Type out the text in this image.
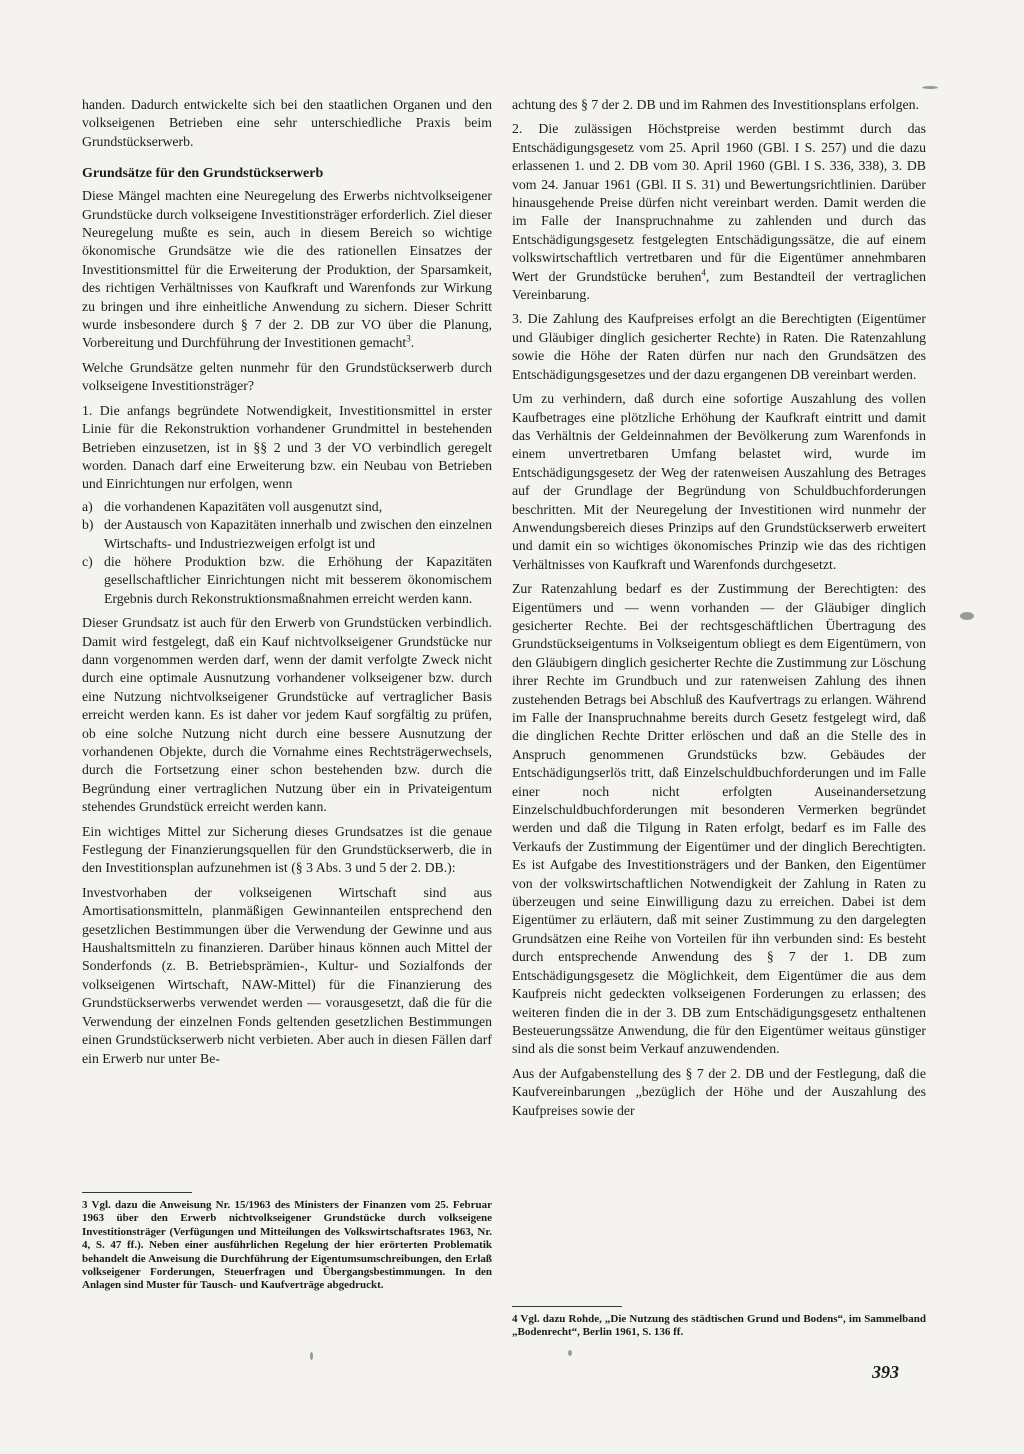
handen. Dadurch entwickelte sich bei den staatlichen Organen und den volkseigenen Betrieben eine sehr unterschiedliche Praxis beim Grundstückserwerb.

Grundsätze für den Grundstückserwerb

Diese Mängel machten eine Neuregelung des Erwerbs nichtvolkseigener Grundstücke durch volkseigene Investitionsträger erforderlich. Ziel dieser Neuregelung mußte es sein, auch in diesem Bereich so wichtige ökonomische Grundsätze wie die des rationellen Einsatzes der Investitionsmittel für die Erweiterung der Produktion, der Sparsamkeit, des richtigen Verhältnisses von Kaufkraft und Warenfonds zur Wirkung zu bringen und ihre einheitliche Anwendung zu sichern. Dieser Schritt wurde insbesondere durch § 7 der 2. DB zur VO über die Planung, Vorbereitung und Durchführung der Investitionen gemacht$^3$.

Welche Grundsätze gelten nunmehr für den Grundstückserwerb durch volkseigene Investitionsträger?

1. Die anfangs begründete Notwendigkeit, Investitionsmittel in erster Linie für die Rekonstruktion vorhandener Grundmittel in bestehenden Betrieben einzusetzen, ist in §§ 2 und 3 der VO verbindlich geregelt worden. Danach darf eine Erweiterung bzw. ein Neubau von Betrieben und Einrichtungen nur erfolgen, wenn

a) die vorhandenen Kapazitäten voll ausgenutzt sind,
b) der Austausch von Kapazitäten innerhalb und zwischen den einzelnen Wirtschafts- und Industriezweigen erfolgt ist und
c) die höhere Produktion bzw. die Erhöhung der Kapazitäten gesellschaftlicher Einrichtungen nicht mit besserem ökonomischem Ergebnis durch Rekonstruktionsmaßnahmen erreicht werden kann.

Dieser Grundsatz ist auch für den Erwerb von Grundstücken verbindlich. Damit wird festgelegt, daß ein Kauf nichtvolkseigener Grundstücke nur dann vorgenommen werden darf, wenn der damit verfolgte Zweck nicht durch eine optimale Ausnutzung vorhandener volkseigener bzw. durch eine Nutzung nichtvolkseigener Grundstücke auf vertraglicher Basis erreicht werden kann. Es ist daher vor jedem Kauf sorgfältig zu prüfen, ob eine solche Nutzung nicht durch eine bessere Ausnutzung der vorhandenen Objekte, durch die Vornahme eines Rechtsträgerwechsels, durch die Fortsetzung einer schon bestehenden bzw. durch die Begründung einer vertraglichen Nutzung über ein in Privateigentum stehendes Grundstück erreicht werden kann.

Ein wichtiges Mittel zur Sicherung dieses Grundsatzes ist die genaue Festlegung der Finanzierungsquellen für den Grundstückserwerb, die in den Investitionsplan aufzunehmen ist (§ 3 Abs. 3 und 5 der 2. DB.):

Investvorhaben der volkseigenen Wirtschaft sind aus Amortisationsmitteln, planmäßigen Gewinnanteilen entsprechend den gesetzlichen Bestimmungen über die Verwendung der Gewinne und aus Haushaltsmitteln zu finanzieren. Darüber hinaus können auch Mittel der Sonderfonds (z. B. Betriebsprämien-, Kultur- und Sozialfonds der volkseigenen Wirtschaft, NAW-Mittel) für die Finanzierung des Grundstückserwerbs verwendet werden — vorausgesetzt, daß die für die Verwendung der einzelnen Fonds geltenden gesetzlichen Bestimmungen einen Grundstückserwerb nicht verbieten. Aber auch in diesen Fällen darf ein Erwerb nur unter Be-

achtung des § 7 der 2. DB und im Rahmen des Investitionsplans erfolgen.

2. Die zulässigen Höchstpreise werden bestimmt durch das Entschädigungsgesetz vom 25. April 1960 (GBl. I S. 257) und die dazu erlassenen 1. und 2. DB vom 30. April 1960 (GBl. I S. 336, 338), 3. DB vom 24. Januar 1961 (GBl. II S. 31) und Bewertungsrichtlinien. Darüber hinausgehende Preise dürfen nicht vereinbart werden. Damit werden die im Falle der Inanspruchnahme zu zahlenden und durch das Entschädigungsgesetz festgelegten Entschädigungssätze, die auf einem volkswirtschaftlich vertretbaren und für die Eigentümer annehmbaren Wert der Grundstücke beruhen$^4$, zum Bestandteil der vertraglichen Vereinbarung.

3. Die Zahlung des Kaufpreises erfolgt an die Berechtigten (Eigentümer und Gläubiger dinglich gesicherter Rechte) in Raten. Die Ratenzahlung sowie die Höhe der Raten dürfen nur nach den Grundsätzen des Entschädigungsgesetzes und der dazu ergangenen DB vereinbart werden.

Um zu verhindern, daß durch eine sofortige Auszahlung des vollen Kaufbetrages eine plötzliche Erhöhung der Kaufkraft eintritt und damit das Verhältnis der Geldeinnahmen der Bevölkerung zum Warenfonds in einem unvertretbaren Umfang belastet wird, wurde im Entschädigungsgesetz der Weg der ratenweisen Auszahlung des Betrages auf der Grundlage der Begründung von Schuldbuchforderungen beschritten. Mit der Neuregelung der Investitionen wird nunmehr der Anwendungsbereich dieses Prinzips auf den Grundstückserwerb erweitert und damit ein so wichtiges ökonomisches Prinzip wie das des richtigen Verhältnisses von Kaufkraft und Warenfonds durchgesetzt.

Zur Ratenzahlung bedarf es der Zustimmung der Berechtigten: des Eigentümers und — wenn vorhanden — der Gläubiger dinglich gesicherter Rechte. Bei der rechtsgeschäftlichen Übertragung des Grundstückseigentums in Volkseigentum obliegt es dem Eigentümern, von den Gläubigern dinglich gesicherter Rechte die Zustimmung zur Löschung ihrer Rechte im Grundbuch und zur ratenweisen Zahlung des ihnen zustehenden Betrags bei Abschluß des Kaufvertrags zu erlangen. Während im Falle der Inanspruchnahme bereits durch Gesetz festgelegt wird, daß die dinglichen Rechte Dritter erlöschen und daß an die Stelle des in Anspruch genommenen Grundstücks bzw. Gebäudes der Entschädigungserlös tritt, daß Einzelschuldbuchforderungen und im Falle einer noch nicht erfolgten Auseinandersetzung Einzelschuldbuchforderungen mit besonderen Vermerken begründet werden und daß die Tilgung in Raten erfolgt, bedarf es im Falle des Verkaufs der Zustimmung der Eigentümer und der dinglich Berechtigten. Es ist Aufgabe des Investitionsträgers und der Banken, den Eigentümer von der volkswirtschaftlichen Notwendigkeit der Zahlung in Raten zu überzeugen und seine Einwilligung dazu zu erreichen. Dabei ist dem Eigentümer zu erläutern, daß mit seiner Zustimmung zu den dargelegten Grundsätzen eine Reihe von Vorteilen für ihn verbunden sind: Es besteht durch entsprechende Anwendung des § 7 der 1. DB zum Entschädigungsgesetz die Möglichkeit, dem Eigentümer die aus dem Kaufpreis nicht gedeckten volkseigenen Forderungen zu erlassen; des weiteren finden die in der 3. DB zum Entschädigungsgesetz enthaltenen Besteuerungssätze Anwendung, die für den Eigentümer weitaus günstiger sind als die sonst beim Verkauf anzuwendenden.

Aus der Aufgabenstellung des § 7 der 2. DB und der Festlegung, daß die Kaufvereinbarungen „bezüglich der Höhe und der Auszahlung des Kaufpreises sowie der

3 Vgl. dazu die Anweisung Nr. 15/1963 des Ministers der Finanzen vom 25. Februar 1963 über den Erwerb nichtvolkseigener Grundstücke durch volkseigene Investitionsträger (Verfügungen und Mitteilungen des Volkswirtschaftsrates 1963, Nr. 4, S. 47 ff.). Neben einer ausführlichen Regelung der hier erörterten Problematik behandelt die Anweisung die Durchführung der Eigentumsumschreibungen, den Erlaß volkseigener Forderungen, Steuerfragen und Übergangsbestimmungen. In den Anlagen sind Muster für Tausch- und Kaufverträge abgedruckt.

4 Vgl. dazu Rohde, „Die Nutzung des städtischen Grund und Bodens“, im Sammelband „Bodenrecht“, Berlin 1961, S. 136 ff.

393
